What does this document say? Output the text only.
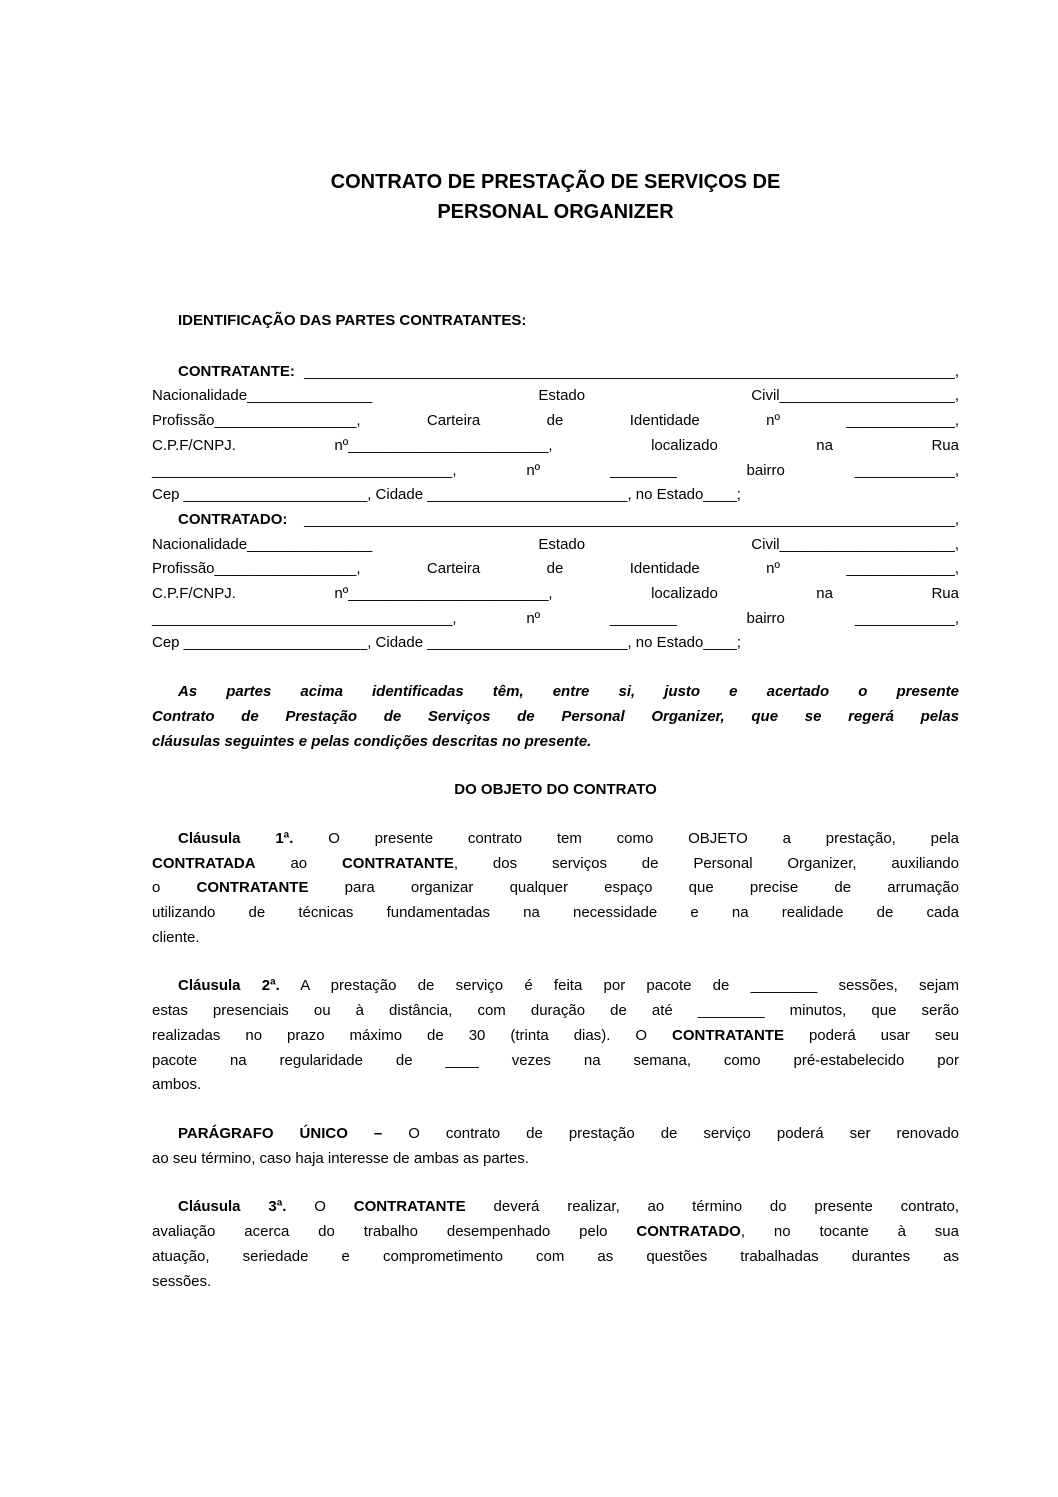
CONTRATO DE PRESTAÇÃO DE SERVIÇOS DE
PERSONAL ORGANIZER
IDENTIFICAÇÃO DAS PARTES CONTRATANTES:
CONTRATANTE: ______________________________________________________________________________,
Nacionalidade_______________ Estado Civil_____________________,
Profissão_________________, Carteira de Identidade nº _____________,
C.P.F/CNPJ. nº________________________, localizado na Rua
____________________________________, nº ________ bairro ____________,
Cep ______________________, Cidade ________________________, no Estado____;
CONTRATADO: ______________________________________________________________________________,
Nacionalidade_______________ Estado Civil_____________________,
Profissão_________________, Carteira de Identidade nº _____________,
C.P.F/CNPJ. nº________________________, localizado na Rua
____________________________________, nº ________ bairro ____________,
Cep ______________________, Cidade ________________________, no Estado____;
As partes acima identificadas têm, entre si, justo e acertado o presente
Contrato de Prestação de Serviços de Personal Organizer, que se regerá pelas
cláusulas seguintes e pelas condições descritas no presente.
DO OBJETO DO CONTRATO
Cláusula 1ª. O presente contrato tem como OBJETO a prestação, pela
CONTRATADA ao CONTRATANTE, dos serviços de Personal Organizer, auxiliando
o CONTRATANTE para organizar qualquer espaço que precise de arrumação
utilizando de técnicas fundamentadas na necessidade e na realidade de cada
cliente.
Cláusula 2ª. A prestação de serviço é feita por pacote de ________ sessões, sejam
estas presenciais ou à distância, com duração de até ________ minutos, que serão
realizadas no prazo máximo de 30 (trinta dias). O CONTRATANTE poderá usar seu
pacote na regularidade de ____ vezes na semana, como pré-estabelecido por
ambos.
PARÁGRAFO ÚNICO – O contrato de prestação de serviço poderá ser renovado
ao seu término, caso haja interesse de ambas as partes.
Cláusula 3ª. O CONTRATANTE deverá realizar, ao término do presente contrato,
avaliação acerca do trabalho desempenhado pelo CONTRATADO, no tocante à sua
atuação, seriedade e comprometimento com as questões trabalhadas durantes as
sessões.
